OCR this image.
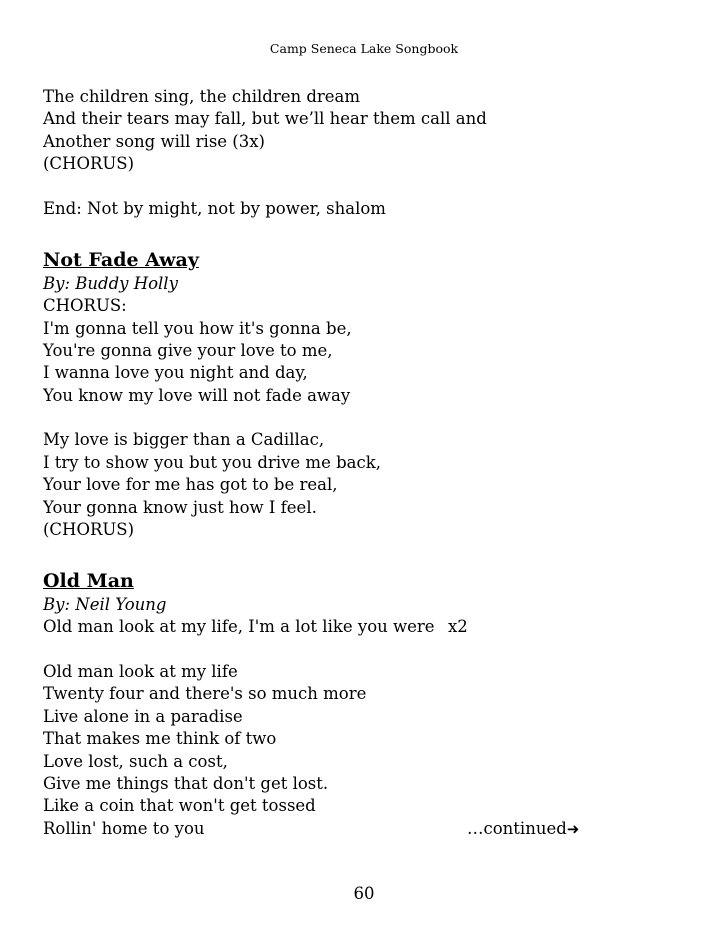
Camp Seneca Lake Songbook
The children sing, the children dream
And their tears may fall, but we’ll hear them call and
Another song will rise (3x)
(CHORUS)
End: Not by might, not by power, shalom
Not Fade Away
By: Buddy Holly
CHORUS:
I'm gonna tell you how it's gonna be,
You're gonna give your love to me,
I wanna love you night and day,
You know my love will not fade away
My love is bigger than a Cadillac,
I try to show you but you drive me back,
Your love for me has got to be real,
Your gonna know just how I feel.
(CHORUS)
Old Man
By: Neil Young
Old man look at my life, I'm a lot like you were x2
Old man look at my life
Twenty four and there's so much more
Live alone in a paradise
That makes me think of two
Love lost, such a cost,
Give me things that don't get lost.
Like a coin that won't get tossed
Rollin' home to you	…continued➜
60
